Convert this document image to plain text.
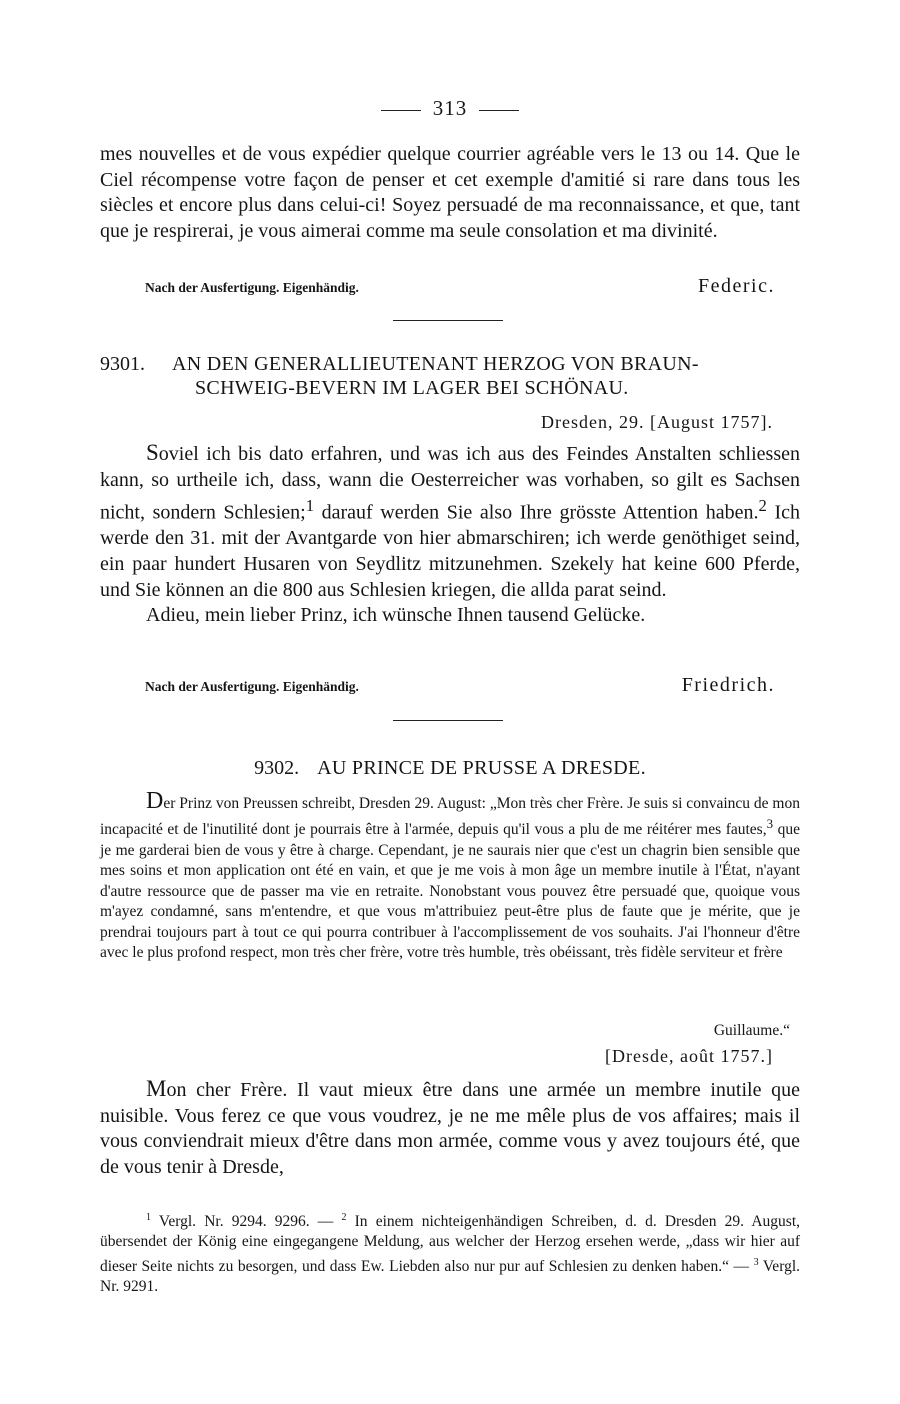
313

mes nouvelles et de vous expédier quelque courrier agréable vers le 13 ou 14. Que le Ciel récompense votre façon de penser et cet exemple d'amitié si rare dans tous les siècles et encore plus dans celui-ci! Soyez persuadé de ma reconnaissance, et que, tant que je respirerai, je vous aimerai comme ma seule consolation et ma divinité.

Nach der Ausfertigung. Eigenhändig.	Federic.
9301. AN DEN GENERALLIEUTENANT HERZOG VON BRAUN-
SCHWEIG-BEVERN IM LAGER BEI SCHÖNAU.
Dresden, 29. [August 1757].

Soviel ich bis dato erfahren, und was ich aus des Feindes Anstalten schliessen kann, so urtheile ich, dass, wann die Oesterreicher was vorhaben, so gilt es Sachsen nicht, sondern Schlesien;$^1$ darauf werden Sie also Ihre grösste Attention haben.$^2$ Ich werde den 31. mit der Avantgarde von hier abmarschiren; ich werde genöthiget seind, ein paar hundert Husaren von Seydlitz mitzunehmen. Szekely hat keine 600 Pferde, und Sie können an die 800 aus Schlesien kriegen, die allda parat seind.

Adieu, mein lieber Prinz, ich wünsche Ihnen tausend Gelücke.

Nach der Ausfertigung. Eigenhändig.	Friedrich.
9302. AU PRINCE DE PRUSSE A DRESDE.

Der Prinz von Preussen schreibt, Dresden 29. August: „Mon très cher Frère. Je suis si convaincu de mon incapacité et de l'inutilité dont je pourrais être à l'armée, depuis qu'il vous a plu de me réitérer mes fautes,$^3$ que je me garderai bien de vous y être à charge. Cependant, je ne saurais nier que c'est un chagrin bien sensible que mes soins et mon application ont été en vain, et que je me vois à mon âge un membre inutile à l'État, n'ayant d'autre ressource que de passer ma vie en retraite. Nonobstant vous pouvez être persuadé que, quoique vous m'ayez condamné, sans m'entendre, et que vous m'attribuiez peut-être plus de faute que je mérite, que je prendrai toujours part à tout ce qui pourra contribuer à l'accomplissement de vos souhaits. J'ai l'honneur d'être avec le plus profond respect, mon très cher frère, votre très humble, très obéissant, très fidèle serviteur et frère

Guillaume.“
[Dresde, août 1757.]

Mon cher Frère. Il vaut mieux être dans une armée un membre inutile que nuisible. Vous ferez ce que vous voudrez, je ne me mêle plus de vos affaires; mais il vous conviendrait mieux d'être dans mon armée, comme vous y avez toujours été, que de vous tenir à Dresde,

$^1$ Vergl. Nr. 9294. 9296. — $^2$ In einem nichteigenhändigen Schreiben, d. d. Dresden 29. August, übersendet der König eine eingegangene Meldung, aus welcher der Herzog ersehen werde, „dass wir hier auf dieser Seite nichts zu besorgen, und dass Ew. Liebden also nur pur auf Schlesien zu denken haben.“ — $^3$ Vergl. Nr. 9291.
